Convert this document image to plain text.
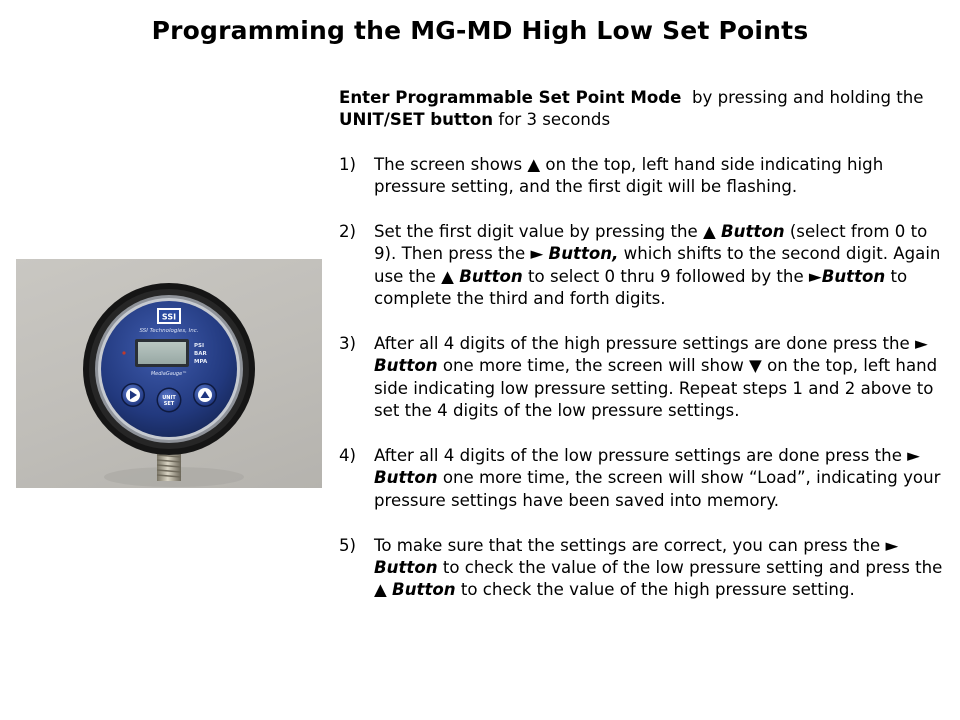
Programming the MG-MD High Low Set Points
SSI
SSI Technologies, Inc.
PSI
BAR
MPA
MediaGauge™
UNIT
SET
Enter Programmable Set Point Mode  by pressing and holding the UNIT/SET button for 3 seconds
1)	The screen shows ▲ on the top, left hand side indicating high pressure setting, and the first digit will be flashing.
2)	Set the first digit value by pressing the ▲ Button (select from 0 to 9). Then press the ► Button, which shifts to the second digit. Again use the ▲ Button to select 0 thru 9 followed by the ►Button to complete the third and forth digits.
3)	After all 4 digits of the high pressure settings are done press the ► Button one more time, the screen will show ▼ on the top, left hand side indicating low pressure setting. Repeat steps 1 and 2 above to set the 4 digits of the low pressure settings.
4)	After all 4 digits of the low pressure settings are done press the ► Button one more time, the screen will show “Load”, indicating your pressure settings have been saved into memory.
5)	To make sure that the settings are correct, you can press the ► Button to check the value of the low pressure setting and press the ▲ Button to check the value of the high pressure setting.
